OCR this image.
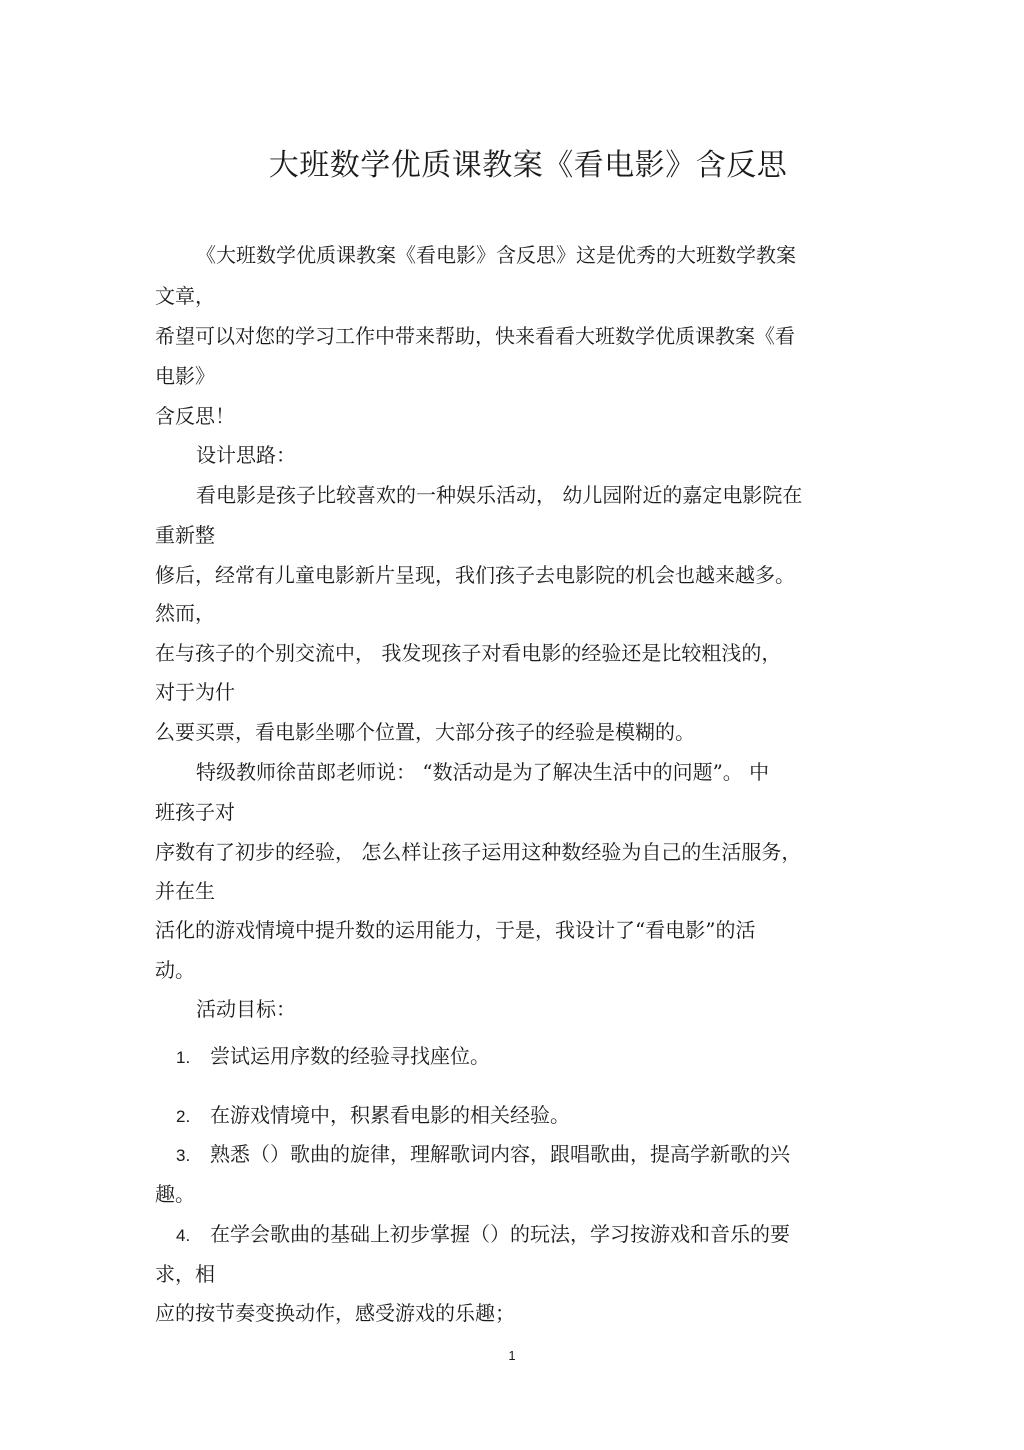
大班数学优质课教案《看电影》含反思
《大班数学优质课教案《看电影》含反思》这是优秀的大班数学教案
文章，
希望可以对您的学习工作中带来帮助，快来看看大班数学优质课教案《看
电影》
含反思！
设计思路：
看电影是孩子比较喜欢的一种娱乐活动， 幼儿园附近的嘉定电影院在
重新整
修后，经常有儿童电影新片呈现，我们孩子去电影院的机会也越来越多。
然而，
在与孩子的个别交流中， 我发现孩子对看电影的经验还是比较粗浅的，
对于为什
么要买票，看电影坐哪个位置，大部分孩子的经验是模糊的。
特级教师徐苗郎老师说： “数活动是为了解决生活中的问题”。 中
班孩子对
序数有了初步的经验， 怎么样让孩子运用这种数经验为自己的生活服务，
并在生
活化的游戏情境中提升数的运用能力，于是，我设计了“看电影”的活
动。
活动目标：
1. 尝试运用序数的经验寻找座位。
2. 在游戏情境中，积累看电影的相关经验。
3. 熟悉（）歌曲的旋律，理解歌词内容，跟唱歌曲，提高学新歌的兴
趣。
4. 在学会歌曲的基础上初步掌握（）的玩法，学习按游戏和音乐的要
求，相
应的按节奏变换动作，感受游戏的乐趣；
1
